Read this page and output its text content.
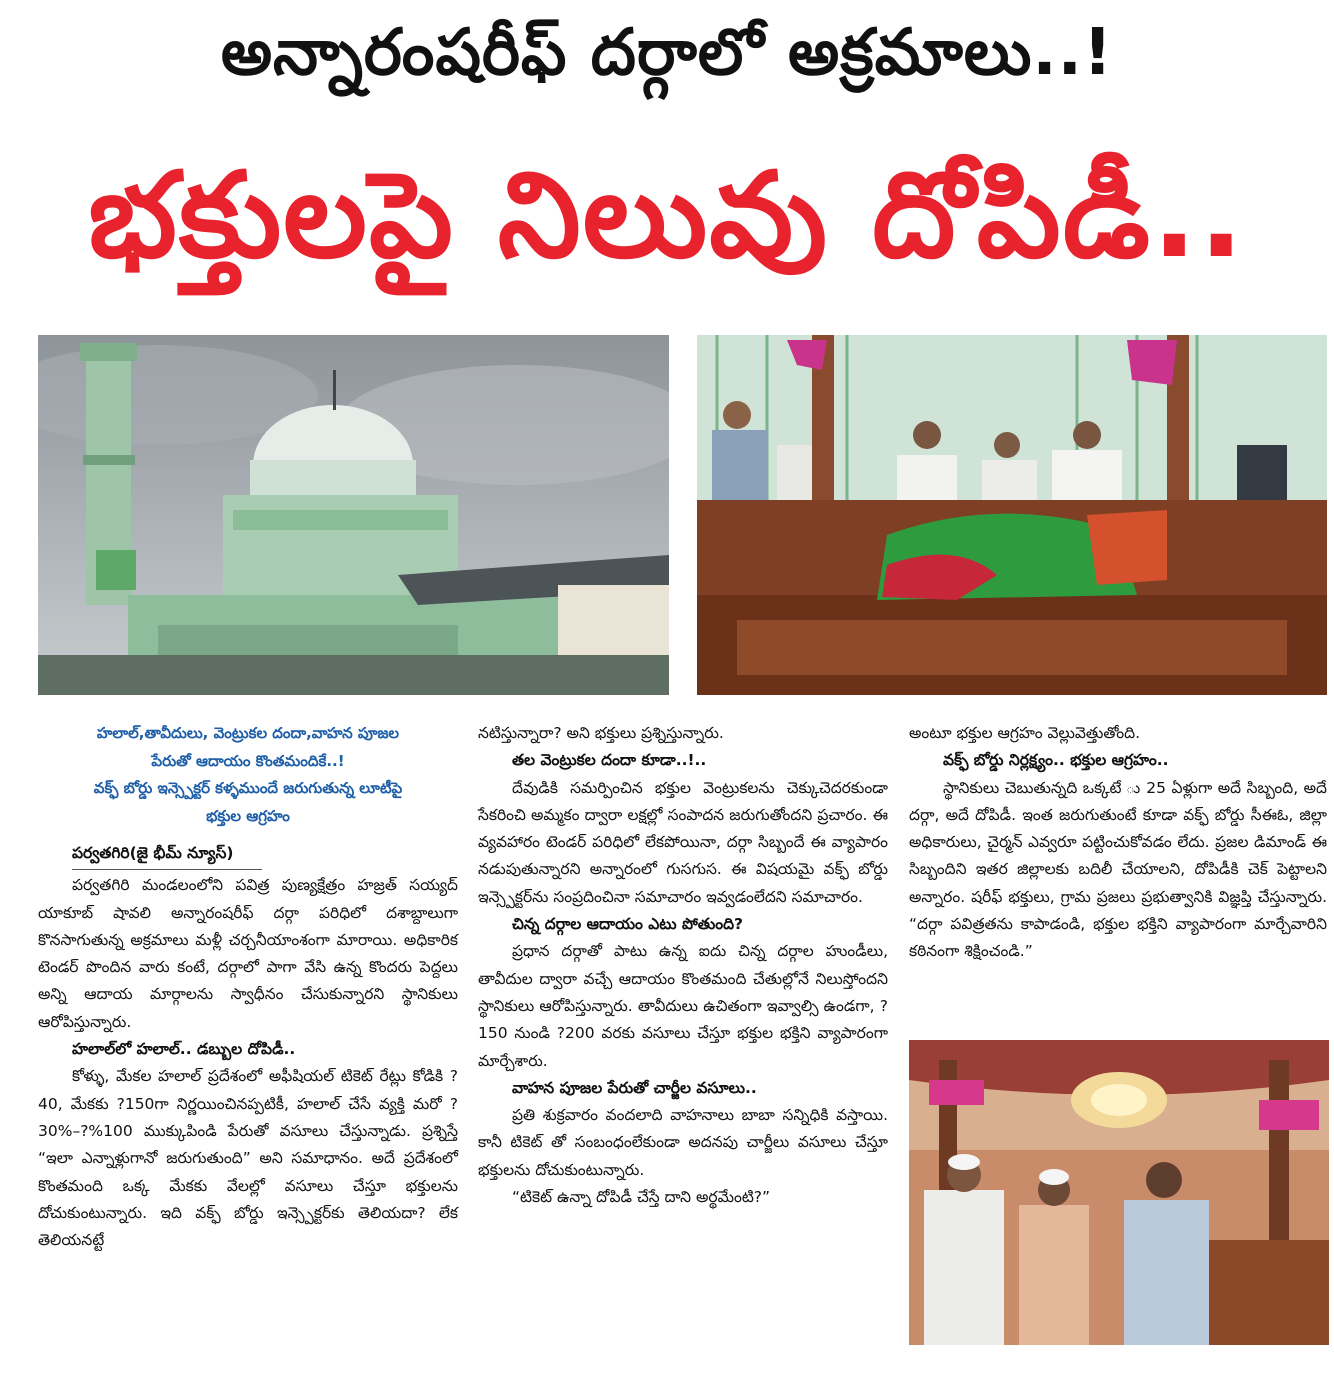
అన్నారంషరీఫ్ దర్గాలో అక్రమాలు..!
భక్తులపై నిలువు దోపిడీ..
హలాల్,తావీదులు, వెంట్రుకల దందా,వాహన పూజల
పేరుతో ఆదాయం కొంతమందికే..!
వక్ఫ్ బోర్డు ఇన్స్పెక్టర్ కళ్ళముందే జరుగుతున్న లూటీపై
భక్తుల ఆగ్రహం
పర్వతగిరి(జై భీమ్ న్యూస్)

పర్వతగిరి మండలంలోని పవిత్ర పుణ్యక్షేత్రం హజ్రత్ సయ్యద్ యాకూబ్ షావలి అన్నారంషరీఫ్ దర్గా పరిధిలో దశాబ్దాలుగా కొనసాగుతున్న అక్రమాలు మళ్లీ చర్చనీయాంశంగా మారాయి. అధికారిక టెండర్ పొందిన వారు కంటే, దర్గాలో పాగా వేసి ఉన్న కొందరు పెద్దలు అన్ని ఆదాయ మార్గాలను స్వాధీనం చేసుకున్నారని స్థానికులు ఆరోపిస్తున్నారు.

హలాల్‌లో హలాల్.. డబ్బుల దోపిడీ..

కోళ్ళు, మేకల హలాల్ ప్రదేశంలో అఫీషియల్ టికెట్ రేట్లు కోడికి ?40, మేకకు ?150గా నిర్ణయించినప్పటికీ, హలాల్ చేసే వ్యక్తి మరో ?30%–?%100 ముక్కుపిండి పేరుతో వసూలు చేస్తున్నాడు. ప్రశ్నిస్తే “ఇలా ఎన్నాళ్లుగానో జరుగుతుంది” అని సమాధానం. అదే ప్రదేశంలో కొంతమంది ఒక్క మేకకు వేలల్లో వసూలు చేస్తూ భక్తులను దోచుకుంటున్నారు. ఇది వక్ఫ్ బోర్డు ఇన్స్పెక్టర్‌కు తెలియదా? లేక తెలియనట్టే

నటిస్తున్నారా? అని భక్తులు ప్రశ్నిస్తున్నారు.

తల వెంట్రుకల దందా కూడా..!..

దేవుడికి సమర్పించిన భక్తుల వెంట్రుకలను చెక్కుచెదరకుండా సేకరించి అమ్మకం ద్వారా లక్షల్లో సంపాదన జరుగుతోందని ప్రచారం. ఈ వ్యవహారం టెండర్ పరిధిలో లేకపోయినా, దర్గా సిబ్బందే ఈ వ్యాపారం నడుపుతున్నారని అన్నారంలో గుసగుస. ఈ విషయమై వక్ఫ్ బోర్డు ఇన్స్పెక్టర్‌ను సంప్రదించినా సమాచారం ఇవ్వడంలేదని సమాచారం.

చిన్న దర్గాల ఆదాయం ఎటు పోతుంది?

ప్రధాన దర్గాతో పాటు ఉన్న ఐదు చిన్న దర్గాల హుండీలు, తావీదుల ద్వారా వచ్చే ఆదాయం కొంతమంది చేతుల్లోనే నిలుస్తోందని స్థానికులు ఆరోపిస్తున్నారు. తావీదులు ఉచితంగా ఇవ్వాల్సి ఉండగా, ?150 నుండి ?200 వరకు వసూలు చేస్తూ భక్తుల భక్తిని వ్యాపారంగా మార్చేశారు.

వాహన పూజల పేరుతో చార్జీల వసూలు..

ప్రతి శుక్రవారం వందలాది వాహనాలు బాబా సన్నిధికి వస్తాయి. కానీ టికెట్ తో సంబంధంలేకుండా అదనపు చార్జీలు వసూలు చేస్తూ భక్తులను దోచుకుంటున్నారు.

“టికెట్ ఉన్నా దోపిడీ చేస్తే దాని అర్థమేంటి?”

అంటూ భక్తుల ఆగ్రహం వెల్లువెత్తుతోంది.

వక్ఫ్ బోర్డు నిర్లక్ష్యం.. భక్తుల ఆగ్రహం..

స్థానికులు చెబుతున్నది ఒక్కటే ు 25 ఏళ్లుగా అదే సిబ్బంది, అదే దర్గా, అదే దోపిడీ. ఇంత జరుగుతుంటే కూడా వక్ఫ్ బోర్డు సీఈఓ, జిల్లా అధికారులు, చైర్మన్ ఎవ్వరూ పట్టించుకోవడం లేదు. ప్రజల డిమాండ్ ఈ సిబ్బందిని ఇతర జిల్లాలకు బదిలీ చేయాలని, దోపిడీకి చెక్ పెట్టాలని అన్నారం. షరీఫ్ భక్తులు, గ్రామ ప్రజలు ప్రభుత్వానికి విజ్ఞప్తి చేస్తున్నారు. “దర్గా పవిత్రతను కాపాడండి, భక్తుల భక్తిని వ్యాపారంగా మార్చేవారిని కఠినంగా శిక్షించండి.”
